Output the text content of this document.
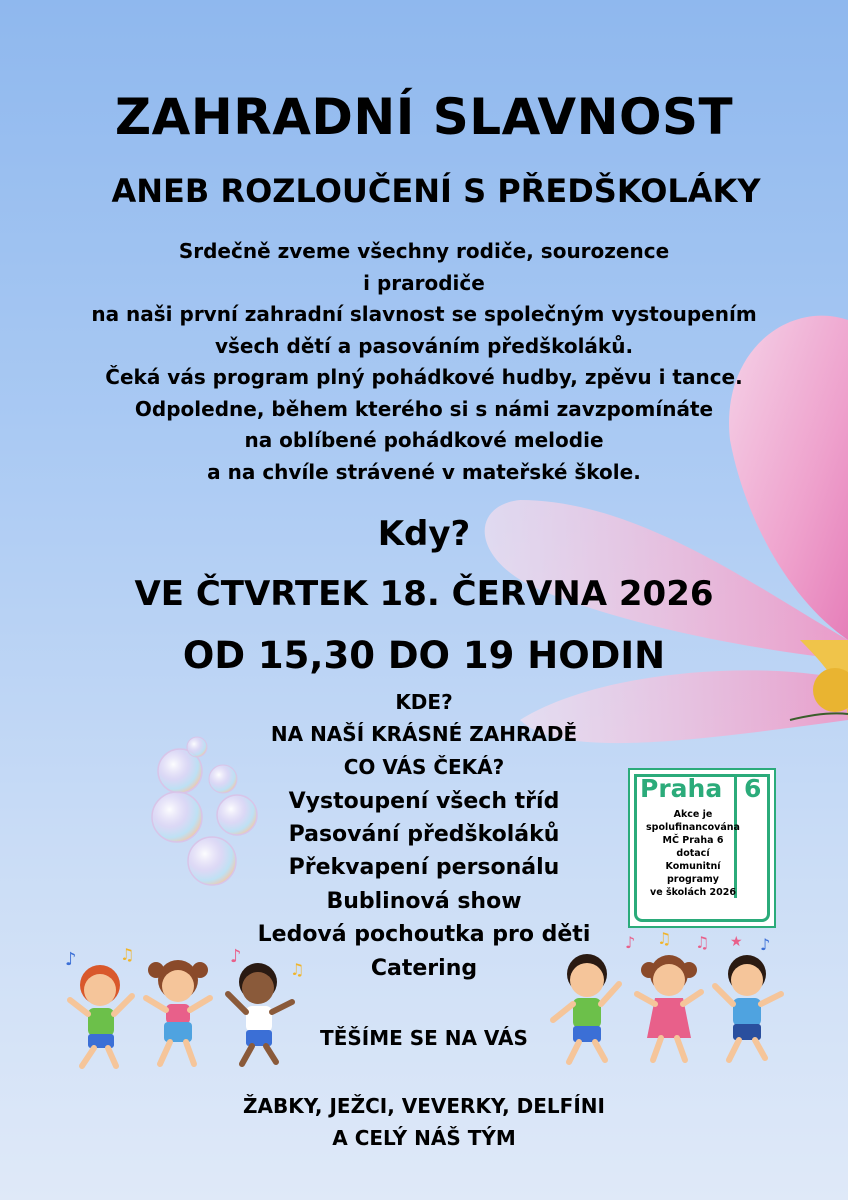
ZAHRADNÍ SLAVNOST
ANEB ROZLOUČENÍ S PŘEDŠKOLÁKY
Srdečně zveme všechny rodiče, sourozence
i prarodiče
na naši první zahradní slavnost se společným vystoupením
všech dětí a pasováním předškoláků.
Čeká vás program plný pohádkové hudby, zpěvu i tance.
Odpoledne, během kterého si s námi zavzpomínáte
na oblíbené pohádkové melodie
a na chvíle strávené v mateřské škole.
Kdy?
VE ČTVRTEK 18. ČERVNA 2026
OD 15,30 DO 19 HODIN
KDE?
NA NAŠÍ KRÁSNÉ ZAHRADĚ
CO VÁS ČEKÁ?
Vystoupení všech tříd
Pasování předškoláků
Překvapení personálu
Bublinová show
Ledová pochoutka pro děti
Catering
TĚŠÍME SE NA VÁS
ŽABKY, JEŽCI, VEVERKY, DELFÍNI
A CELÝ NÁŠ TÝM
Praha 6
Akce je
spolufinancována
MČ Praha 6
dotací
Komunitní
programy
ve školách 2026
♪	♫	♪
♫
♪ ♫ ♫ ★ ♪
